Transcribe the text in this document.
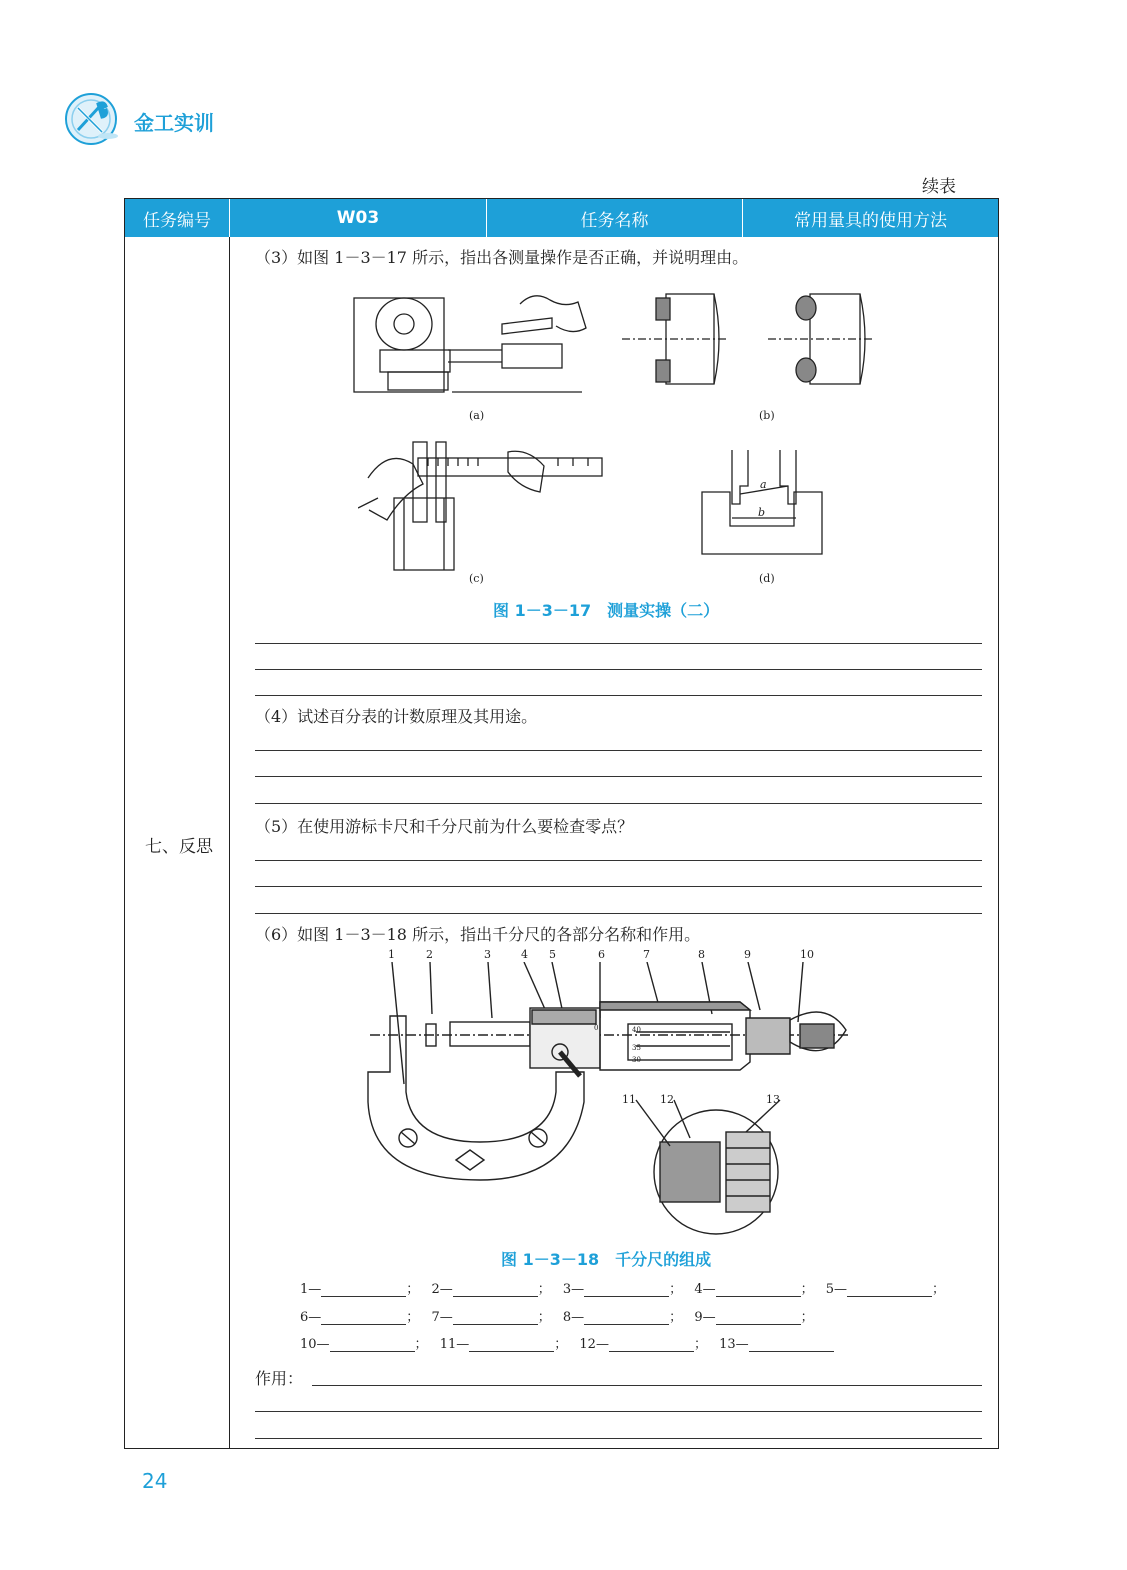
金工实训
续表
任务编号	W03	任务名称	常用量具的使用方法
七、反思
（3）如图 1－3－17 所示，指出各测量操作是否正确，并说明理由。
(a)	(b)
(c)
a
b
(d)
图 1－3－17　测量实操（二）
（4）试述百分表的计数原理及其用途。
（5）在使用游标卡尺和千分尺前为什么要检查零点？
（6）如图 1－3－18 所示，指出千分尺的各部分名称和作用。
1	2	3	4 5	6	7	8	9	10
11 12	13
0	40
35
30
图 1－3－18　千分尺的组成
1—	； 2—	； 3—	； 4—	； 5—	；
6—	； 7—	； 8—	； 9—	；
10—	； 11—	； 12—	； 13—
作用：
24
